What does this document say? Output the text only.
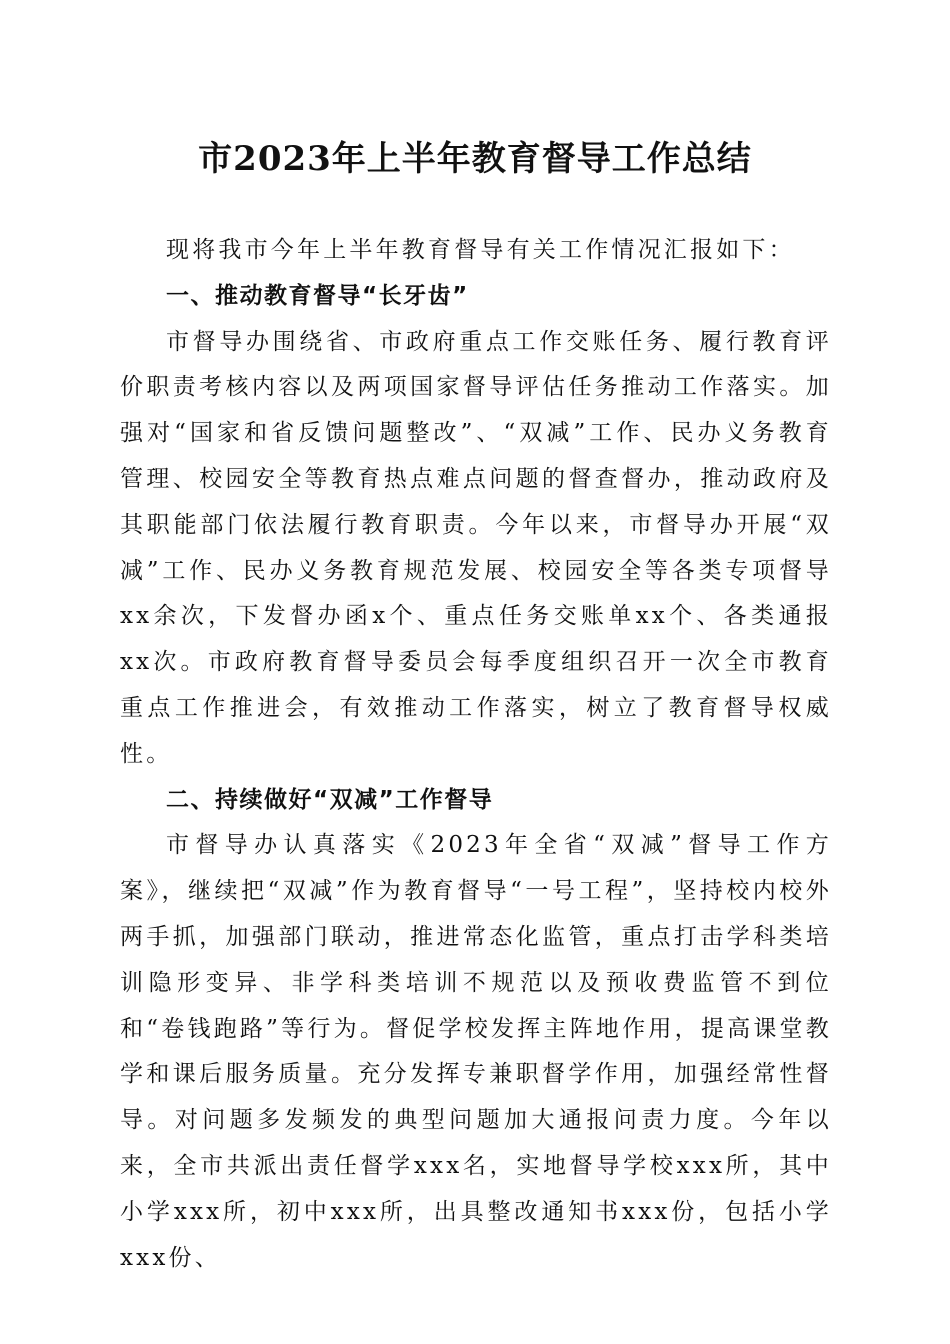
市2023年上半年教育督导工作总结

现将我市今年上半年教育督导有关工作情况汇报如下：

一、推动教育督导“长牙齿”

市督导办围绕省、市政府重点工作交账任务、履行教育评价职责考核内容以及两项国家督导评估任务推动工作落实。加强对“国家和省反馈问题整改”、“双减”工作、民办义务教育管理、校园安全等教育热点难点问题的督查督办，推动政府及其职能部门依法履行教育职责。今年以来，市督导办开展“双减”工作、民办义务教育规范发展、校园安全等各类专项督导xx余次，下发督办函x个、重点任务交账单xx个、各类通报xx次。市政府教育督导委员会每季度组织召开一次全市教育重点工作推进会，有效推动工作落实，树立了教育督导权威性。

二、持续做好“双减”工作督导

市督导办认真落实《2023年全省“双减”督导工作方案》，继续把“双减”作为教育督导“一号工程”，坚持校内校外两手抓，加强部门联动，推进常态化监管，重点打击学科类培训隐形变异、非学科类培训不规范以及预收费监管不到位和“卷钱跑路”等行为。督促学校发挥主阵地作用，提高课堂教学和课后服务质量。充分发挥专兼职督学作用，加强经常性督导。对问题多发频发的典型问题加大通报问责力度。今年以来，全市共派出责任督学xxx名，实地督导学校xxx所，其中小学xxx所，初中xxx所，出具整改通知书xxx份，包括小学xxx份、
